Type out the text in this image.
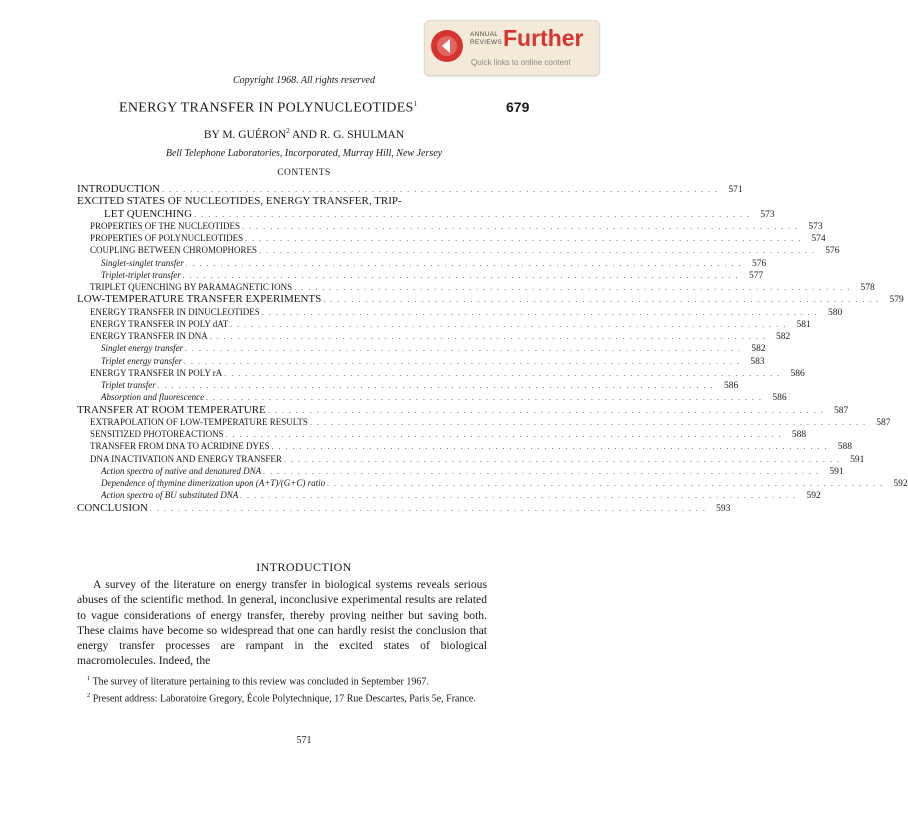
ANNUAL
REVIEWS Further
Quick links to online content
Copyright 1968. All rights reserved
ENERGY TRANSFER IN POLYNUCLEOTIDES$^1$	679
BY M. GUÉRON$^2$ AND R. G. SHULMAN
Bell Telephone Laboratories, Incorporated, Murray Hill, New Jersey
CONTENTS
INTRODUCTION . . . . . . . . . . . . . . . . . . . . . . . . . . . . . . . . . . . . . . . . . . . . . . . . . . . . . . . . . . . . . . . . . . . . . . . . . . . . . . . .	571
EXCITED STATES OF NUCLEOTIDES, ENERGY TRANSFER, TRIP-
LET QUENCHING . . . . . . . . . . . . . . . . . . . . . . . . . . . . . . . . . . . . . . . . . . . . . . . . . . . . . . . . . . . . . . . . . . . . . . . . . . . . . . . .	573
PROPERTIES OF THE NUCLEOTIDES . . . . . . . . . . . . . . . . . . . . . . . . . . . . . . . . . . . . . . . . . . . . . . . . . . . . . . . . . . . . . . . . . . . . . . . . . . . . . . . .	573
PROPERTIES OF POLYNUCLEOTIDES . . . . . . . . . . . . . . . . . . . . . . . . . . . . . . . . . . . . . . . . . . . . . . . . . . . . . . . . . . . . . . . . . . . . . . . . . . . . . . . .	574
COUPLING BETWEEN CHROMOPHORES . . . . . . . . . . . . . . . . . . . . . . . . . . . . . . . . . . . . . . . . . . . . . . . . . . . . . . . . . . . . . . . . . . . . . . . . . . . . . . . .	576
Singlet-singlet transfer . . . . . . . . . . . . . . . . . . . . . . . . . . . . . . . . . . . . . . . . . . . . . . . . . . . . . . . . . . . . . . . . . . . . . . . . . . . . . . . .	576
Triplet-triplet transfer . . . . . . . . . . . . . . . . . . . . . . . . . . . . . . . . . . . . . . . . . . . . . . . . . . . . . . . . . . . . . . . . . . . . . . . . . . . . . . . .	577
TRIPLET QUENCHING BY PARAMAGNETIC IONS . . . . . . . . . . . . . . . . . . . . . . . . . . . . . . . . . . . . . . . . . . . . . . . . . . . . . . . . . . . . . . . . . . . . . . . . . . . . . . . .	578
LOW-TEMPERATURE TRANSFER EXPERIMENTS . . . . . . . . . . . . . . . . . . . . . . . . . . . . . . . . . . . . . . . . . . . . . . . . . . . . . . . . . . . . . . . . . . . . . . . . . . . . . . . .	579
ENERGY TRANSFER IN DINUCLEOTIDES . . . . . . . . . . . . . . . . . . . . . . . . . . . . . . . . . . . . . . . . . . . . . . . . . . . . . . . . . . . . . . . . . . . . . . . . . . . . . . . .	580
ENERGY TRANSFER IN POLY dAT . . . . . . . . . . . . . . . . . . . . . . . . . . . . . . . . . . . . . . . . . . . . . . . . . . . . . . . . . . . . . . . . . . . . . . . . . . . . . . . .	581
ENERGY TRANSFER IN DNA . . . . . . . . . . . . . . . . . . . . . . . . . . . . . . . . . . . . . . . . . . . . . . . . . . . . . . . . . . . . . . . . . . . . . . . . . . . . . . . .	582
Singlet energy transfer . . . . . . . . . . . . . . . . . . . . . . . . . . . . . . . . . . . . . . . . . . . . . . . . . . . . . . . . . . . . . . . . . . . . . . . . . . . . . . . .	582
Triplet energy transfer . . . . . . . . . . . . . . . . . . . . . . . . . . . . . . . . . . . . . . . . . . . . . . . . . . . . . . . . . . . . . . . . . . . . . . . . . . . . . . . .	583
ENERGY TRANSFER IN POLY rA . . . . . . . . . . . . . . . . . . . . . . . . . . . . . . . . . . . . . . . . . . . . . . . . . . . . . . . . . . . . . . . . . . . . . . . . . . . . . . . .	586
Triplet transfer . . . . . . . . . . . . . . . . . . . . . . . . . . . . . . . . . . . . . . . . . . . . . . . . . . . . . . . . . . . . . . . . . . . . . . . . . . . . . . . .	586
Absorption and fluorescence . . . . . . . . . . . . . . . . . . . . . . . . . . . . . . . . . . . . . . . . . . . . . . . . . . . . . . . . . . . . . . . . . . . . . . . . . . . . . . . .	586
TRANSFER AT ROOM TEMPERATURE . . . . . . . . . . . . . . . . . . . . . . . . . . . . . . . . . . . . . . . . . . . . . . . . . . . . . . . . . . . . . . . . . . . . . . . . . . . . . . . .	587
EXTRAPOLATION OF LOW-TEMPERATURE RESULTS . . . . . . . . . . . . . . . . . . . . . . . . . . . . . . . . . . . . . . . . . . . . . . . . . . . . . . . . . . . . . . . . . . . . . . . . . . . . . . . .	587
SENSITIZED PHOTOREACTIONS . . . . . . . . . . . . . . . . . . . . . . . . . . . . . . . . . . . . . . . . . . . . . . . . . . . . . . . . . . . . . . . . . . . . . . . . . . . . . . . .	588
TRANSFER FROM DNA TO ACRIDINE DYES . . . . . . . . . . . . . . . . . . . . . . . . . . . . . . . . . . . . . . . . . . . . . . . . . . . . . . . . . . . . . . . . . . . . . . . . . . . . . . . .	588
DNA INACTIVATION AND ENERGY TRANSFER . . . . . . . . . . . . . . . . . . . . . . . . . . . . . . . . . . . . . . . . . . . . . . . . . . . . . . . . . . . . . . . . . . . . . . . . . . . . . . . .	591
Action spectra of native and denatured DNA . . . . . . . . . . . . . . . . . . . . . . . . . . . . . . . . . . . . . . . . . . . . . . . . . . . . . . . . . . . . . . . . . . . . . . . . . . . . . . . .	591
Dependence of thymine dimerization upon (A+T)/(G+C) ratio . . . . . . . . . . . . . . . . . . . . . . . . . . . . . . . . . . . . . . . . . . . . . . . . . . . . . . . . . . . . . . . . . . . . . . . . . . . . . . . .	592
Action spectra of BU substituted DNA . . . . . . . . . . . . . . . . . . . . . . . . . . . . . . . . . . . . . . . . . . . . . . . . . . . . . . . . . . . . . . . . . . . . . . . . . . . . . . . .	592
CONCLUSION . . . . . . . . . . . . . . . . . . . . . . . . . . . . . . . . . . . . . . . . . . . . . . . . . . . . . . . . . . . . . . . . . . . . . . . . . . . . . . . .	593
INTRODUCTION

A survey of the literature on energy transfer in biological systems reveals serious abuses of the scientific method. In general, inconclusive experimental results are related to vague considerations of energy transfer, thereby proving neither but saving both. These claims have become so widespread that one can hardly resist the conclusion that energy transfer processes are rampant in the excited states of biological macromolecules. Indeed, the

$^1$ The survey of literature pertaining to this review was concluded in September 1967.

$^2$ Present address: Laboratoire Gregory, École Polytechnique, 17 Rue Descartes, Paris 5e, France.

571
